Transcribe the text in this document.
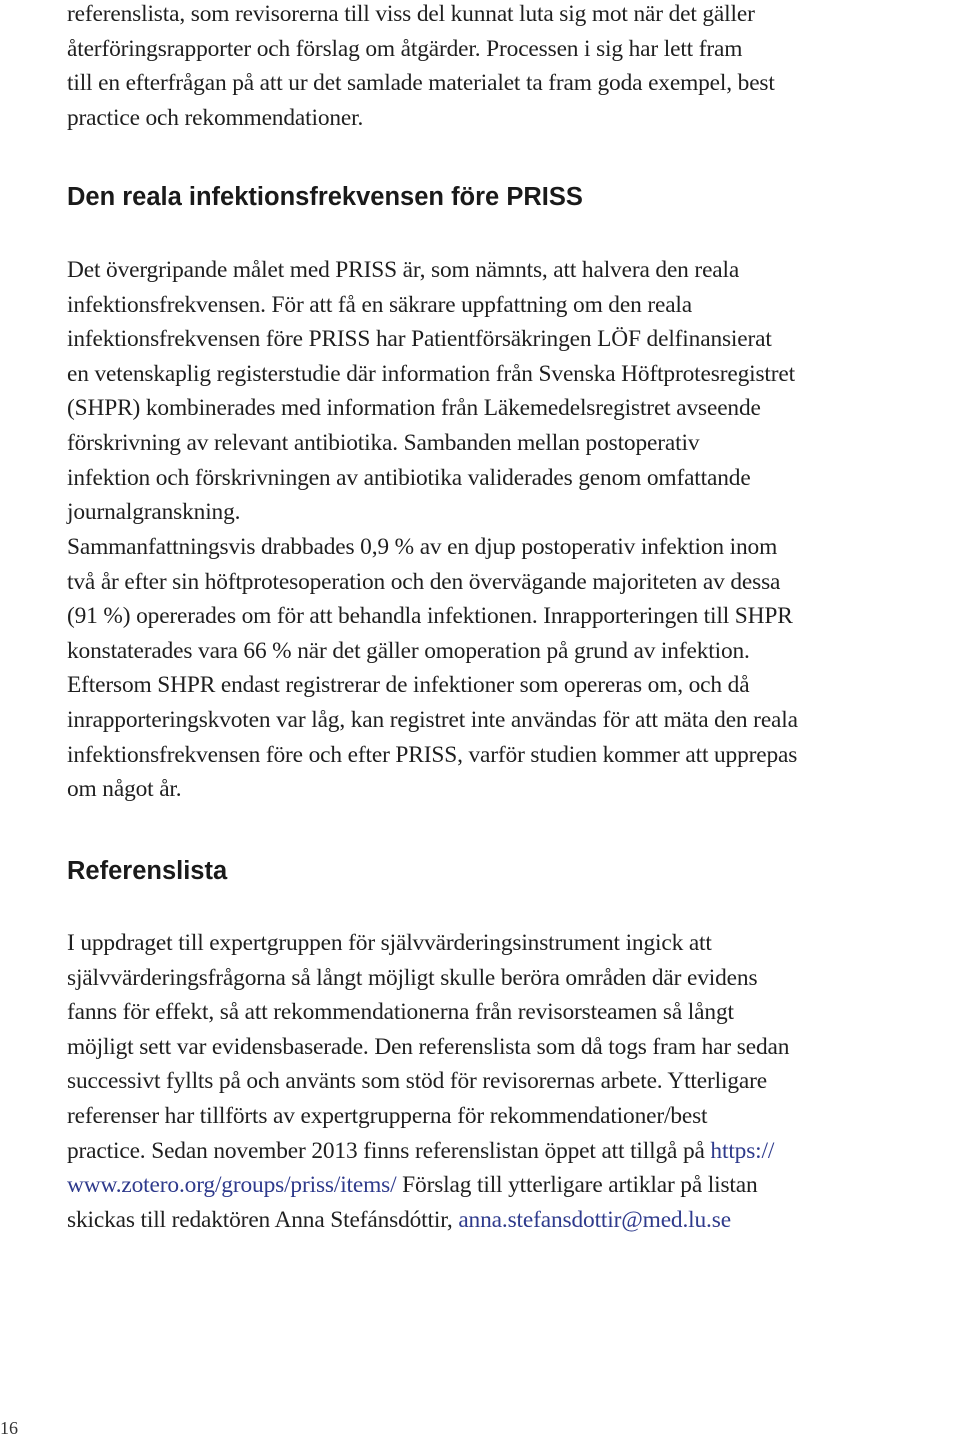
referenslista, som revisorerna till viss del kunnat luta sig mot när det gäller
återföringsrapporter och förslag om åtgärder. Processen i sig har lett fram
till en efterfrågan på att ur det samlade materialet ta fram goda exempel, best
practice och rekommendationer.
Den reala infektionsfrekvensen före PRISS
Det övergripande målet med PRISS är, som nämnts, att halvera den reala
infektionsfrekvensen. För att få en säkrare uppfattning om den reala
infektionsfrekvensen före PRISS har Patientförsäkringen LÖF delfinansierat
en vetenskaplig registerstudie där information från Svenska Höftprotesregistret
(SHPR) kombinerades med information från Läkemedelsregistret avseende
förskrivning av relevant antibiotika. Sambanden mellan postoperativ
infektion och förskrivningen av antibiotika validerades genom omfattande
journalgranskning.
Sammanfattningsvis drabbades 0,9 % av en djup postoperativ infektion inom
två år efter sin höftprotesoperation och den övervägande majoriteten av dessa
(91 %) opererades om för att behandla infektionen. Inrapporteringen till SHPR
konstaterades vara 66 % när det gäller omoperation på grund av infektion.
Eftersom SHPR endast registrerar de infektioner som opereras om, och då
inrapporteringskvoten var låg, kan registret inte användas för att mäta den reala
infektionsfrekvensen före och efter PRISS, varför studien kommer att upprepas
om något år.
Referenslista
I uppdraget till expertgruppen för självvärderingsinstrument ingick att
självvärderingsfrågorna så långt möjligt skulle beröra områden där evidens
fanns för effekt, så att rekommendationerna från revisorsteamen så långt
möjligt sett var evidensbaserade. Den referenslista som då togs fram har sedan
successivt fyllts på och använts som stöd för revisorernas arbete. Ytterligare
referenser har tillförts av expertgrupperna för rekommendationer/best
practice. Sedan november 2013 finns referenslistan öppet att tillgå på https://
www.zotero.org/groups/priss/items/ Förslag till ytterligare artiklar på listan
skickas till redaktören Anna Stefánsdóttir, anna.stefansdottir@med.lu.se
16
